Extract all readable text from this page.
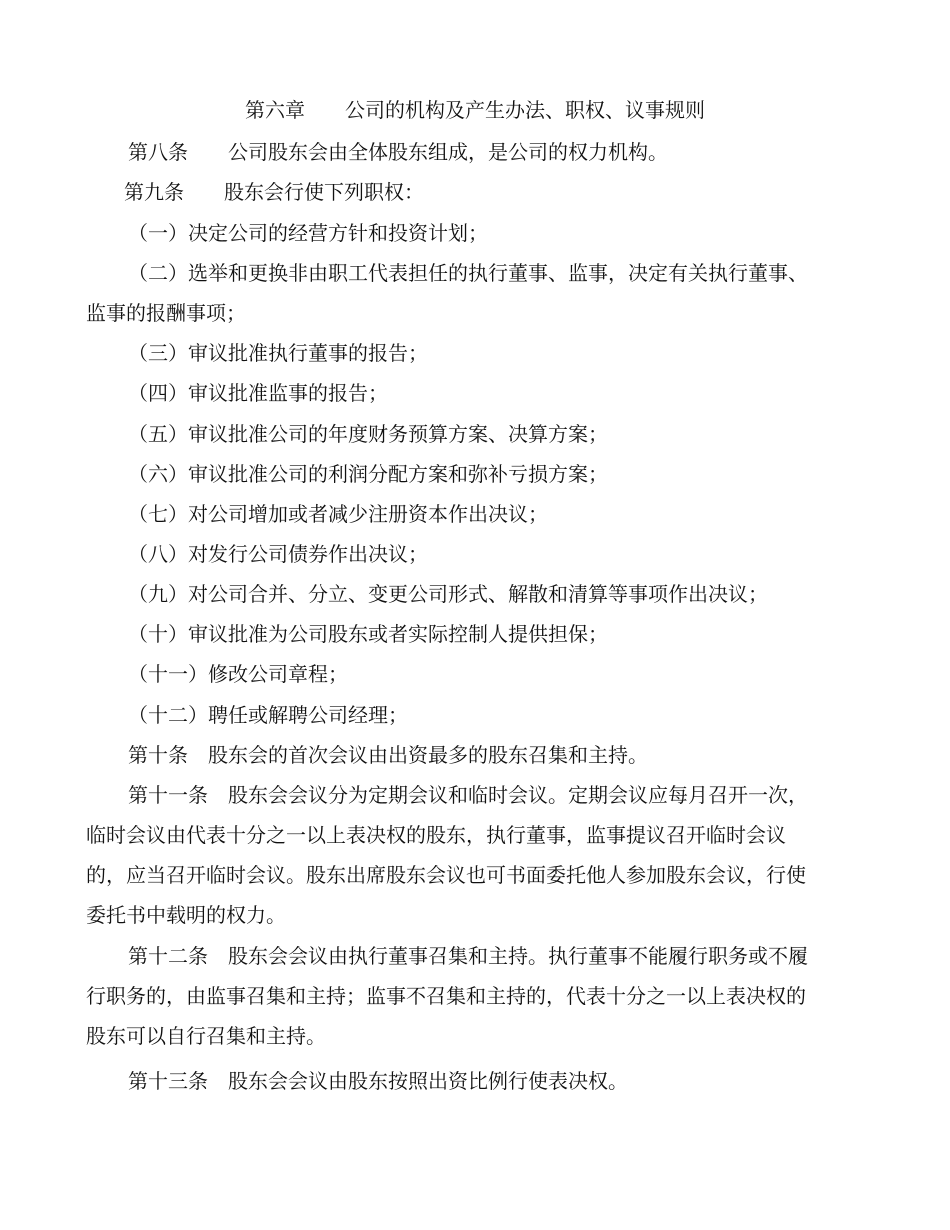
第六章　　公司的机构及产生办法、职权、议事规则
第八条　　公司股东会由全体股东组成，是公司的权力机构。
第九条　　股东会行使下列职权：
（一）决定公司的经营方针和投资计划；
（二）选举和更换非由职工代表担任的执行董事、监事，决定有关执行董事、
监事的报酬事项；
（三）审议批准执行董事的报告；
（四）审议批准监事的报告；
（五）审议批准公司的年度财务预算方案、决算方案；
（六）审议批准公司的利润分配方案和弥补亏损方案；
（七）对公司增加或者减少注册资本作出决议；
（八）对发行公司债券作出决议；
（九）对公司合并、分立、变更公司形式、解散和清算等事项作出决议；
（十）审议批准为公司股东或者实际控制人提供担保；
（十一）修改公司章程；
（十二）聘任或解聘公司经理；
第十条　股东会的首次会议由出资最多的股东召集和主持。
第十一条　股东会会议分为定期会议和临时会议。定期会议应每月召开一次，
临时会议由代表十分之一以上表决权的股东，执行董事，监事提议召开临时会议
的，应当召开临时会议。股东出席股东会议也可书面委托他人参加股东会议，行使
委托书中载明的权力。
第十二条　股东会会议由执行董事召集和主持。执行董事不能履行职务或不履
行职务的，由监事召集和主持；监事不召集和主持的，代表十分之一以上表决权的
股东可以自行召集和主持。
第十三条　股东会会议由股东按照出资比例行使表决权。
